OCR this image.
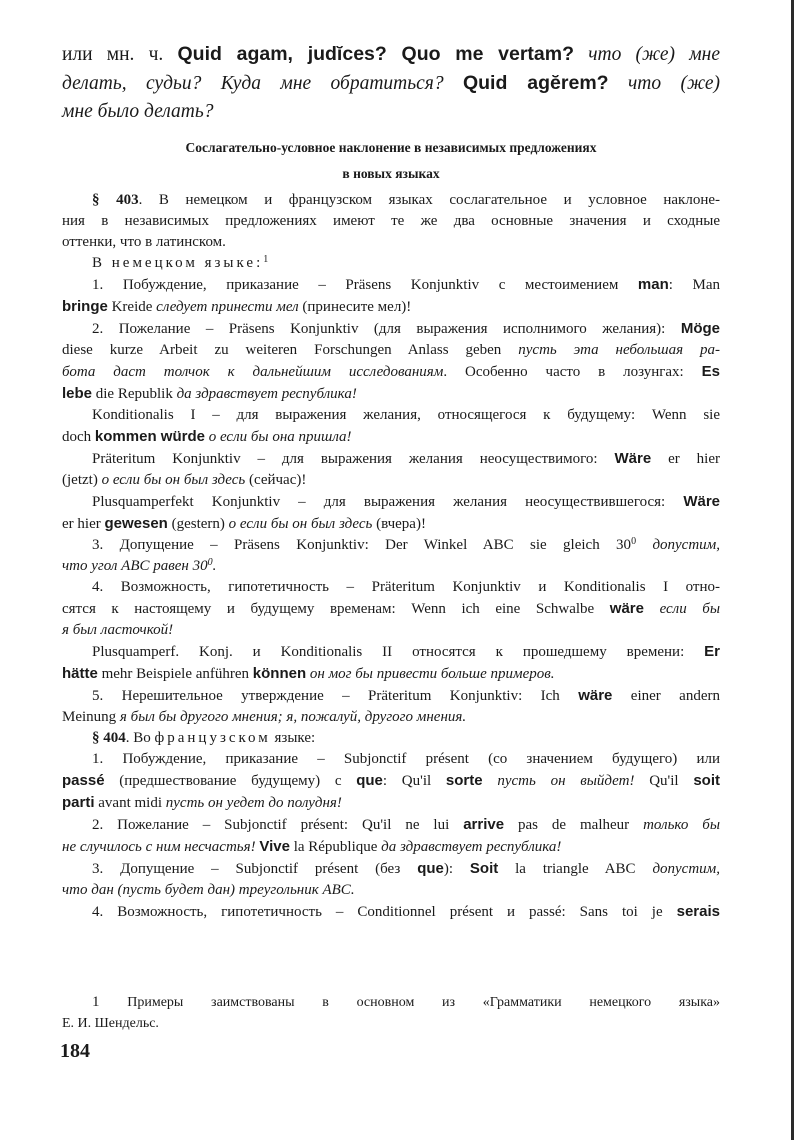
или мн. ч. Quid agam, judĭces? Quo me vertam? что (же) мне
делать, судьи? Куда мне обратиться? Quid agĕrem? что (же)
мне было делать?
Сослагательно-условное наклонение в независимых предложениях
в новых языках
§ 403. В немецком и французском языках сослагательное и условное наклоне-
ния в независимых предложениях имеют те же два основные значения и сходные
оттенки, что в латинском.
В немецком языке:$^1$
1. Побуждение, приказание – Präsens Konjunktiv с местоимением man: Man
bringe Kreide следует принести мел (принесите мел)!
2. Пожелание – Präsens Konjunktiv (для выражения исполнимого желания): Möge
diese kurze Arbeit zu weiteren Forschungen Anlass geben пусть эта небольшая ра-
бота даст толчок к дальнейшим исследованиям. Особенно часто в лозунгах: Es
lebe die Republik да здравствует республика!
Konditionalis I – для выражения желания, относящегося к будущему: Wenn sie
doch kommen würde о если бы она пришла!
Präteritum Konjunktiv – для выражения желания неосуществимого: Wäre er hier
(jetzt) о если бы он был здесь (сейчас)!
Plusquamperfekt Konjunktiv – для выражения желания неосуществившегося: Wäre
er hier gewesen (gestern) о если бы он был здесь (вчера)!
3. Допущение – Präsens Konjunktiv: Der Winkel ABC sie gleich $30^0$ допустим,
что угол ABC равен $30^0$.
4. Возможность, гипотетичность – Präteritum Konjunktiv и Konditionalis I отно-
сятся к настоящему и будущему временам: Wenn ich eine Schwalbe wäre если бы
я был ласточкой!
Plusquamperf. Konj. и Konditionalis II относятся к прошедшему времени: Er
hätte mehr Beispiele anführen können он мог бы привести больше примеров.
5. Нерешительное утверждение – Präteritum Konjunktiv: Ich wäre einer andern
Meinung я был бы другого мнения; я, пожалуй, другого мнения.
§ 404. Во французском языке:
1. Побуждение, приказание – Subjonctif présent (со значением будущего) или
passé (предшествование будущему) с que: Qu'il sorte пусть он выйдет! Qu'il soit
parti avant midi пусть он уедет до полудня!
2. Пожелание – Subjonctif présent: Qu'il ne lui arrive pas de malheur только бы
не случилось с ним несчастья! Vive la République да здравствует республика!
3. Допущение – Subjonctif présent (без que): Soit la triangle ABC допустим,
что дан (пусть будет дан) треугольник ABC.
4. Возможность, гипотетичность – Conditionnel présent и passé: Sans toi je serais
1 Примеры заимствованы в основном из «Грамматики немецкого языка»
Е. И. Шендельс.
184
